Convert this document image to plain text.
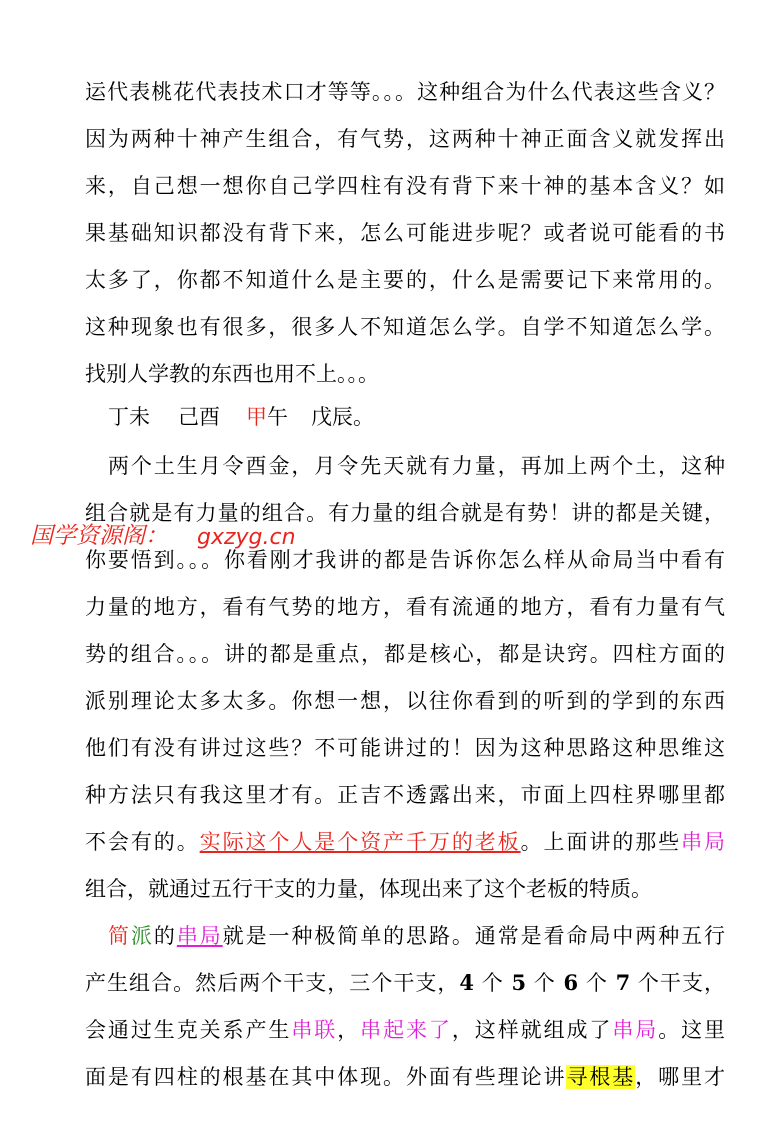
运代表桃花代表技术口才等等。。。这种组合为什么代表这些含义？
因为两种十神产生组合，有气势，这两种十神正面含义就发挥出
来，自己想一想你自己学四柱有没有背下来十神的基本含义？如
果基础知识都没有背下来，怎么可能进步呢？或者说可能看的书
太多了，你都不知道什么是主要的，什么是需要记下来常用的。
这种现象也有很多，很多人不知道怎么学。自学不知道怎么学。
找别人学教的东西也用不上。。。
丁未 己酉 甲午 戊辰。
两个土生月令酉金，月令先天就有力量，再加上两个土，这种
组合就是有力量的组合。有力量的组合就是有势！讲的都是关键，
你要悟到。。。你看刚才我讲的都是告诉你怎么样从命局当中看有
力量的地方，看有气势的地方，看有流通的地方，看有力量有气
势的组合。。。讲的都是重点，都是核心，都是诀窍。四柱方面的
派别理论太多太多。你想一想，以往你看到的听到的学到的东西
他们有没有讲过这些？不可能讲过的！因为这种思路这种思维这
种方法只有我这里才有。正吉不透露出来，市面上四柱界哪里都
不会有的。实际这个人是个资产千万的老板。上面讲的那些串局
组合，就通过五行干支的力量，体现出来了这个老板的特质。
简派的串局就是一种极简单的思路。通常是看命局中两种五行
产生组合。然后两个干支，三个干支，4 个 5 个 6 个 7 个干支，
会通过生克关系产生串联，串起来了，这样就组成了串局。这里
面是有四柱的根基在其中体现。外面有些理论讲寻根基，哪里才
国学资源阁： gxzyg.cn
